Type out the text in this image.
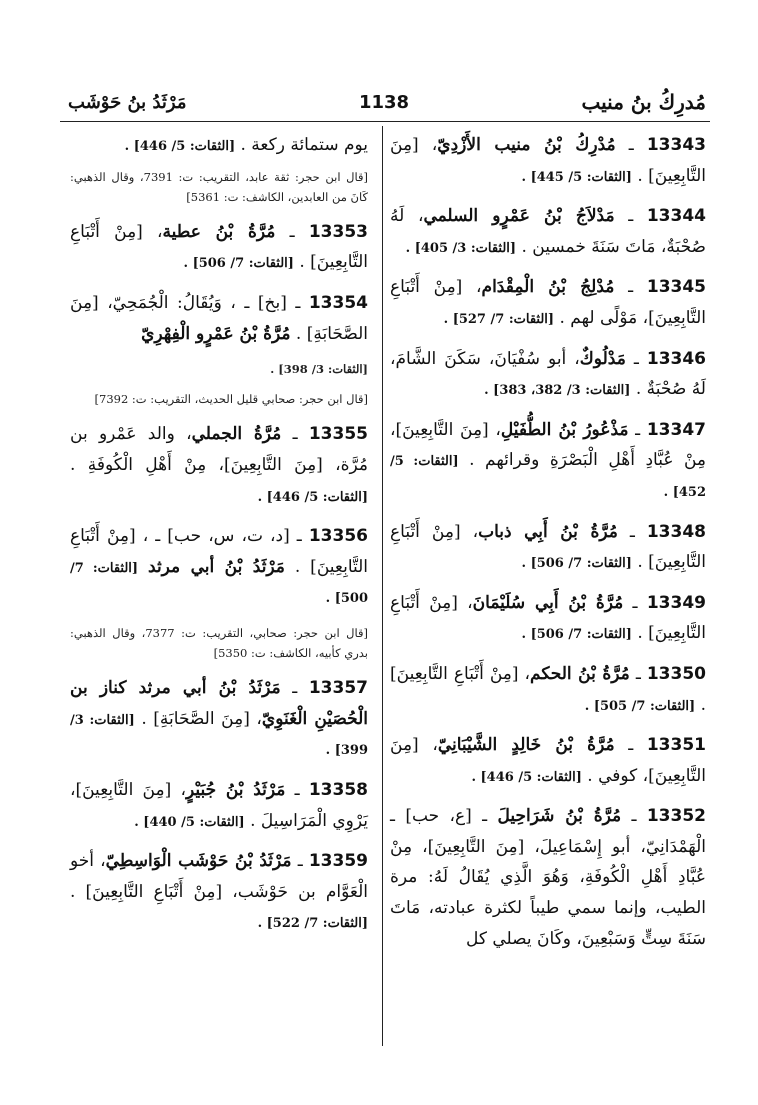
مُدرِكُ بنُ منيب
1138
مَرْثَدُ بنُ حَوْشَب
13343 ـ مُدْرِكُ بْنُ منيب الأَزْدِيّ، [مِنَ التَّابِعِينَ] . [الثقات: 5/ 445] .
13344 ـ مَدْلاَجُ بْنُ عَمْرٍو السلمي، لَهُ صُحْبَةٌ، مَاتَ سَنَةَ خمسين . [الثقات: 3/ 405] .
13345 ـ مُدْلِجُ بْنُ الْمِقْدَام، [مِنْ أَتْبَاعِ التَّابِعِينَ]، مَوْلًى لهم . [الثقات: 7/ 527] .
13346 ـ مَدْلُوكٌ، أبو سُفْيَانَ، سَكَنَ الشَّامَ، لَهُ صُحْبَةٌ . [الثقات: 3/ 382، 383] .
13347 ـ مَذْعُورُ بْنُ الطُّفَيْلِ، [مِنَ التَّابِعِينَ]، مِنْ عُبَّادِ أَهْلِ الْبَصْرَةِ وقرائهم . [الثقات: 5/ 452] .
13348 ـ مُرَّةُ بْنُ أَبِي ذباب، [مِنْ أَتْبَاعِ التَّابِعِينَ] . [الثقات: 7/ 506] .
13349 ـ مُرَّةُ بْنُ أَبِي سُلَيْمَانَ، [مِنْ أَتْبَاعِ التَّابِعِينَ] . [الثقات: 7/ 506] .
13350 ـ مُرَّةُ بْنُ الحكم، [مِنْ أَتْبَاعِ التَّابِعِينَ] . [الثقات: 7/ 505] .
13351 ـ مُرَّةُ بْنُ خَالِدٍ الشَّيْبَانِيّ، [مِنَ التَّابِعِينَ]، كوفي . [الثقات: 5/ 446] .
13352 ـ مُرَّةُ بْنُ شَرَاحِيلَ ـ [ع، حب] ـ الْهَمْدَانِيّ، أبو إِسْمَاعِيلَ، [مِنَ التَّابِعِينَ]، مِنْ عُبَّادِ أَهْلِ الْكُوفَةِ، وَهُوَ الَّذِي يُقَالُ لَهُ: مرة الطيب، وإنما سمي طيباً لكثرة عبادته، مَاتَ سَنَةَ سِتٍّ وَسَبْعِينَ، وكَانَ يصلي كل
يوم ستمائة ركعة . [الثقات: 5/ 446] .
[قال ابن حجر: ثقة عابد، التقريب: ت: 7391، وقال الذهبي: كَانَ من العابدين، الكاشف: ت: 5361]
13353 ـ مُرَّةُ بْنُ عطية، [مِنْ أَتْبَاعِ التَّابِعِينَ] . [الثقات: 7/ 506] .
13354 ـ [بخ] ـ ، وَيُقَالُ: الْجُمَحِيّ، [مِنَ الصَّحَابَةِ] . مُرَّةُ بْنُ عَمْرٍو الْفِهْرِيّ
[الثقات: 3/ 398] .
[قال ابن حجر: صحابي قليل الحديث، التقريب: ت: 7392]
13355 ـ مُرَّةُ الجملي، والد عَمْرو بن مُرَّة، [مِنَ التَّابِعِينَ]، مِنْ أَهْلِ الْكُوفَةِ . [الثقات: 5/ 446] .
13356 ـ [د، ت، س، حب] ـ ، [مِنْ أَتْبَاعِ التَّابِعِينَ] . مَرْثَدُ بْنُ أبي مرثد [الثقات: 7/ 500] .
[قال ابن حجر: صحابي، التقريب: ت: 7377، وقال الذهبي: بدري كأبيه، الكاشف: ت: 5350]
13357 ـ مَرْثَدُ بْنُ أبي مرثد كناز بن الْحُصَيْنِ الْغَنَوِيّ، [مِنَ الصَّحَابَةِ] . [الثقات: 3/ 399] .
13358 ـ مَرْثَدُ بْنُ جُبَيْرٍ، [مِنَ التَّابِعِينَ]، يَرْوِي الْمَرَاسِيلَ . [الثقات: 5/ 440] .
13359 ـ مَرْثَدُ بْنُ حَوْشَب الْوَاسِطِيّ، أخو الْعَوَّام بن حَوْشَب، [مِنْ أَتْبَاعِ التَّابِعِينَ] . [الثقات: 7/ 522] .
